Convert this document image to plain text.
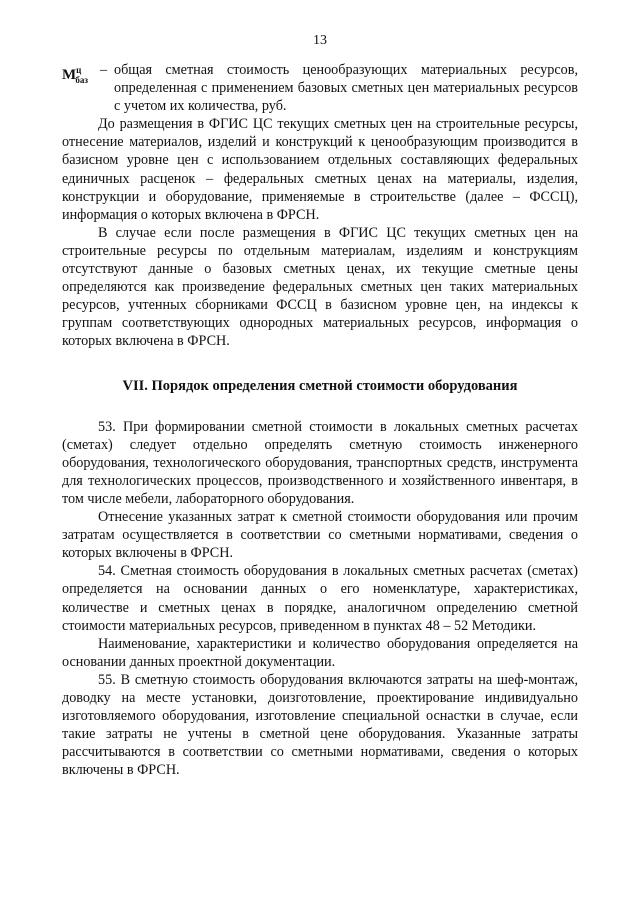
13
$М^ц_{баз}$
– общая сметная стоимость ценообразующих материальных ресурсов, определенная с применением базовых сметных цен материальных ресурсов с учетом их количества, руб.

До размещения в ФГИС ЦС текущих сметных цен на строительные ресурсы, отнесение материалов, изделий и конструкций к ценообразующим производится в базисном уровне цен с использованием отдельных составляющих федеральных единичных расценок – федеральных сметных ценах на материалы, изделия, конструкции и оборудование, применяемые в строительстве (далее – ФССЦ), информация о которых включена в ФРСН.

В случае если после размещения в ФГИС ЦС текущих сметных цен на строительные ресурсы по отдельным материалам, изделиям и конструкциям отсутствуют данные о базовых сметных ценах, их текущие сметные цены определяются как произведение федеральных сметных цен таких материальных ресурсов, учтенных сборниками ФССЦ в базисном уровне цен, на индексы к группам соответствующих однородных материальных ресурсов, информация о которых включена в ФРСН.

VII. Порядок определения сметной стоимости оборудования

53. При формировании сметной стоимости в локальных сметных расчетах (сметах) следует отдельно определять сметную стоимость инженерного оборудования, технологического оборудования, транспортных средств, инструмента для технологических процессов, производственного и хозяйственного инвентаря, в том числе мебели, лабораторного оборудования.

Отнесение указанных затрат к сметной стоимости оборудования или прочим затратам осуществляется в соответствии со сметными нормативами, сведения о которых включены в ФРСН.

54. Сметная стоимость оборудования в локальных сметных расчетах (сметах) определяется на основании данных о его номенклатуре, характеристиках, количестве и сметных ценах в порядке, аналогичном определению сметной стоимости материальных ресурсов, приведенном в пунктах 48 – 52 Методики.

Наименование, характеристики и количество оборудования определяется на основании данных проектной документации.

55. В сметную стоимость оборудования включаются затраты на шеф-монтаж, доводку на месте установки, доизготовление, проектирование индивидуально изготовляемого оборудования, изготовление специальной оснастки в случае, если такие затраты не учтены в сметной цене оборудования. Указанные затраты рассчитываются в соответствии со сметными нормативами, сведения о которых включены в ФРСН.
